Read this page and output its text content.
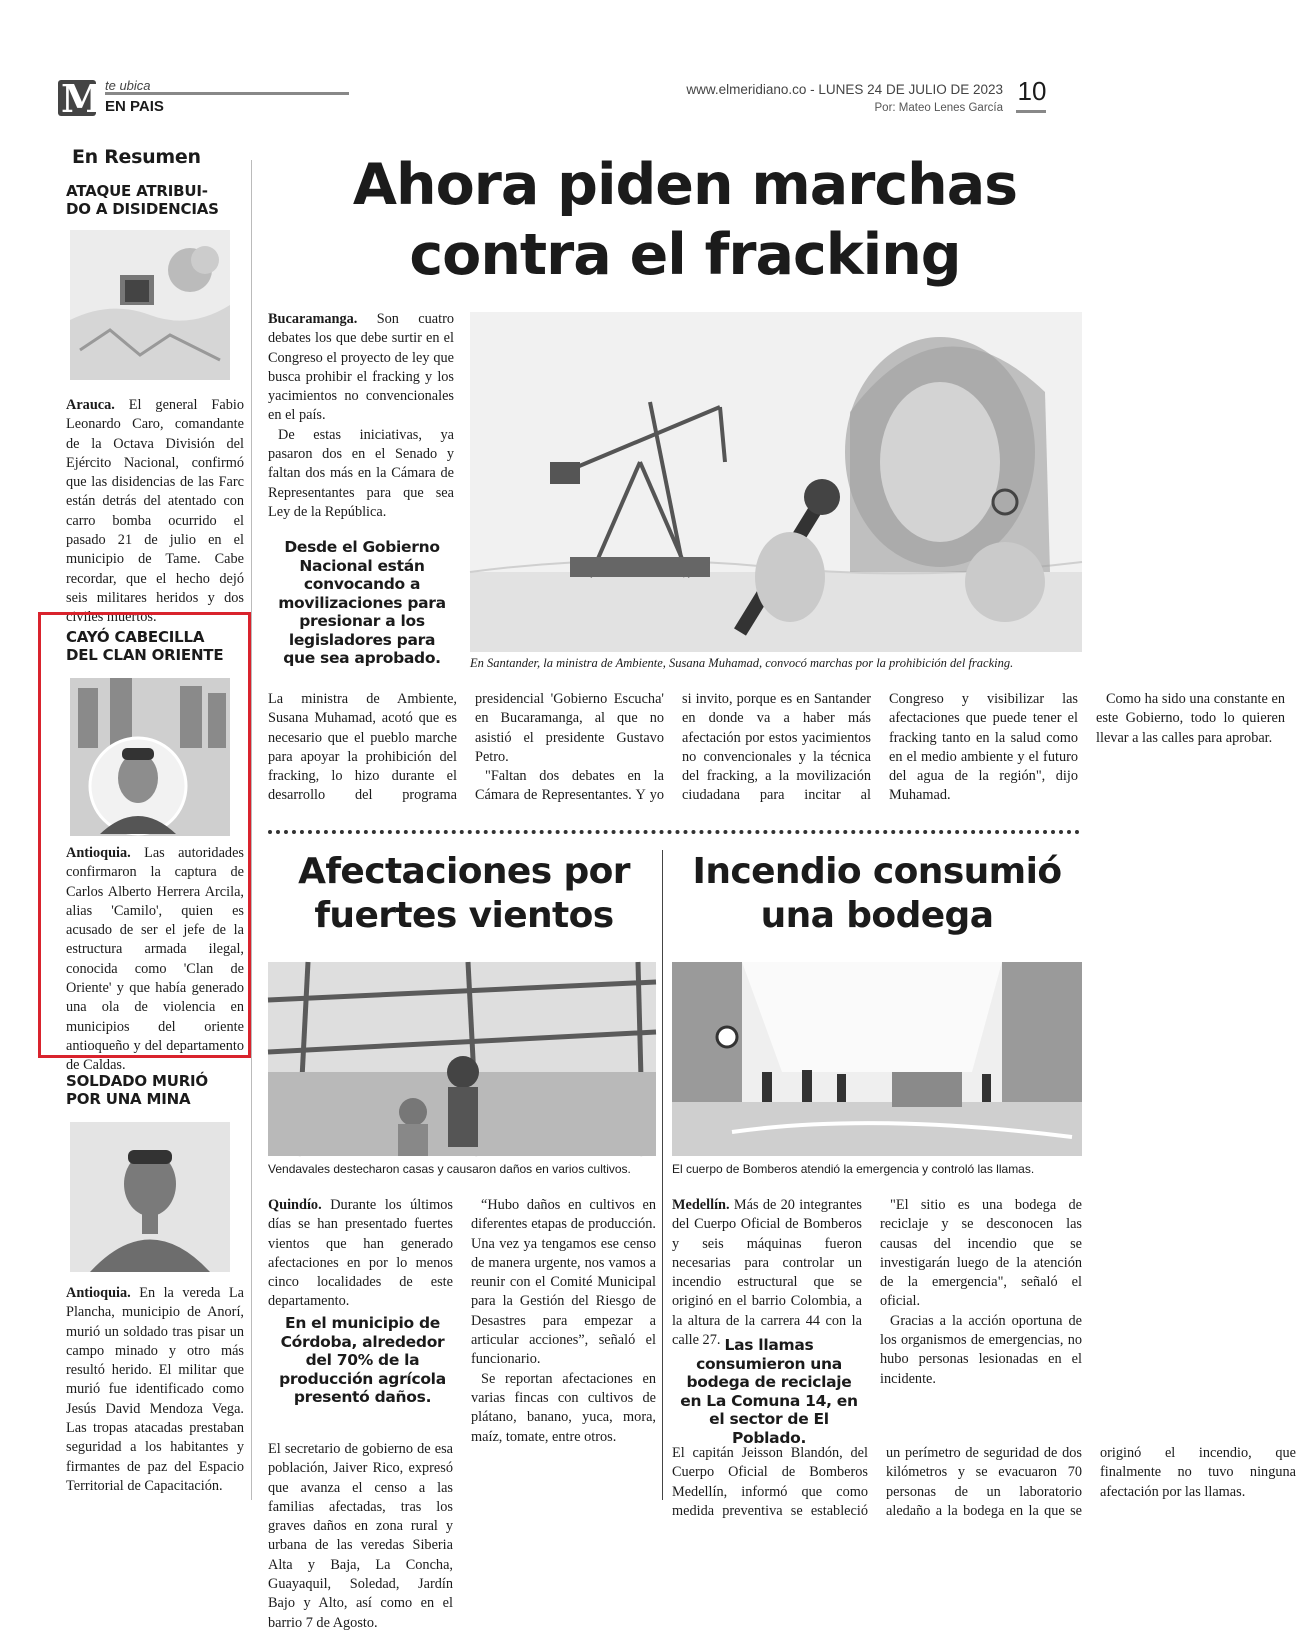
M te ubica
EN PAIS
www.elmeridiano.co - LUNES 24 DE JULIO DE 2023
Por: Mateo Lenes García
10
En Resumen
ATAQUE ATRIBUI-
DO A DISIDENCIAS

Arauca. El general Fabio Leonardo Caro, comandante de la Octava División del Ejército Nacional, confirmó que las disidencias de las Farc están detrás del atentado con carro bomba ocurrido el pasado 21 de julio en el municipio de Tame. Cabe recordar, que el hecho dejó seis militares heridos y dos civiles muertos.

CAYÓ CABECILLA
DEL CLAN ORIENTE

Antioquia. Las autoridades confirmaron la captura de Carlos Alberto Herrera Arcila, alias 'Camilo', quien es acusado de ser el jefe de la estructura armada ilegal, conocida como 'Clan de Oriente' y que había generado una ola de violencia en municipios del oriente antioqueño y del departamento de Caldas.

SOLDADO MURIÓ
POR UNA MINA

Antioquia. En la vereda La Plancha, municipio de Anorí, murió un soldado tras pisar un campo minado y otro más resultó herido. El militar que murió fue identificado como Jesús David Mendoza Vega. Las tropas atacadas prestaban seguridad a los habitantes y firmantes de paz del Espacio Territorial de Capacitación.

Ahora piden marchas contra el fracking

Bucaramanga. Son cuatro debates los que debe surtir en el Congreso el proyecto de ley que busca prohibir el fracking y los yacimientos no convencionales en el país.

De estas iniciativas, ya pasaron dos en el Senado y faltan dos más en la Cámara de Representantes para que sea Ley de la República.

Desde el Gobierno Nacional están convocando a movilizaciones para presionar a los legisladores para que sea aprobado.	En Santander, la ministra de Ambiente, Susana Muhamad, convocó marchas por la prohibición del fracking.

La ministra de Ambiente, Susana Muhamad, acotó que es necesario que el pueblo marche para apoyar la prohibición del fracking, lo hizo durante el desarrollo del programa presidencial 'Gobierno Escucha' en Bucaramanga, al que no asistió el presidente Gustavo Petro.

"Faltan dos debates en la Cámara de Representantes. Y yo si invito, porque es en Santander en donde va a haber más afectación por estos yacimientos no convencionales y la técnica del fracking, a la movilización ciudadana para incitar al Congreso y visibilizar las afectaciones que puede tener el fracking tanto en la salud como en el medio ambiente y el futuro del agua de la región", dijo Muhamad.

Como ha sido una constante en este Gobierno, todo lo quieren llevar a las calles para aprobar.

Afectaciones por fuertes vientos
Vendavales destecharon casas y causaron daños en varios cultivos.

Quindío. Durante los últimos días se han presentado fuertes vientos que han generado afectaciones en por lo menos cinco localidades de este departamento.

En el municipio de Córdoba, alrededor del 70% de la producción agrícola presentó daños.

El secretario de gobierno de esa población, Jaiver Rico, expresó que avanza el censo a las familias afectadas, tras los graves daños en zona rural y urbana de las veredas Siberia Alta y Baja, La Concha, Guayaquil, Soledad, Jardín Bajo y Alto, así como en el barrio 7 de Agosto.

“Hubo daños en cultivos en diferentes etapas de producción. Una vez ya tengamos ese censo de manera urgente, nos vamos a reunir con el Comité Municipal para la Gestión del Riesgo de Desastres para empezar a articular acciones”, señaló el funcionario.

Se reportan afectaciones en varias fincas con cultivos de plátano, banano, yuca, mora, maíz, tomate, entre otros.

Incendio consumió una bodega
El cuerpo de Bomberos atendió la emergencia y controló las llamas.

Medellín. Más de 20 integrantes del Cuerpo Oficial de Bomberos y seis máquinas fueron necesarias para controlar un incendio estructural que se originó en el barrio Colombia, a la altura de la carrera 44 con la calle 27. Las llamas consumieron una bodega de reciclaje en La Comuna 14, en el sector de El Poblado.

El capitán Jeisson Blandón, del Cuerpo Oficial de Bomberos Medellín, informó que como medida preventiva se estableció un perímetro de seguridad de dos kilómetros y se evacuaron 70 personas de un laboratorio aledaño a la bodega en la que se originó el incendio, que finalmente no tuvo ninguna afectación por las llamas.

"El sitio es una bodega de reciclaje y se desconocen las causas del incendio que se investigarán luego de la atención de la emergencia", señaló el oficial.

Gracias a la acción oportuna de los organismos de emergencias, no hubo personas lesionadas en el incidente.
